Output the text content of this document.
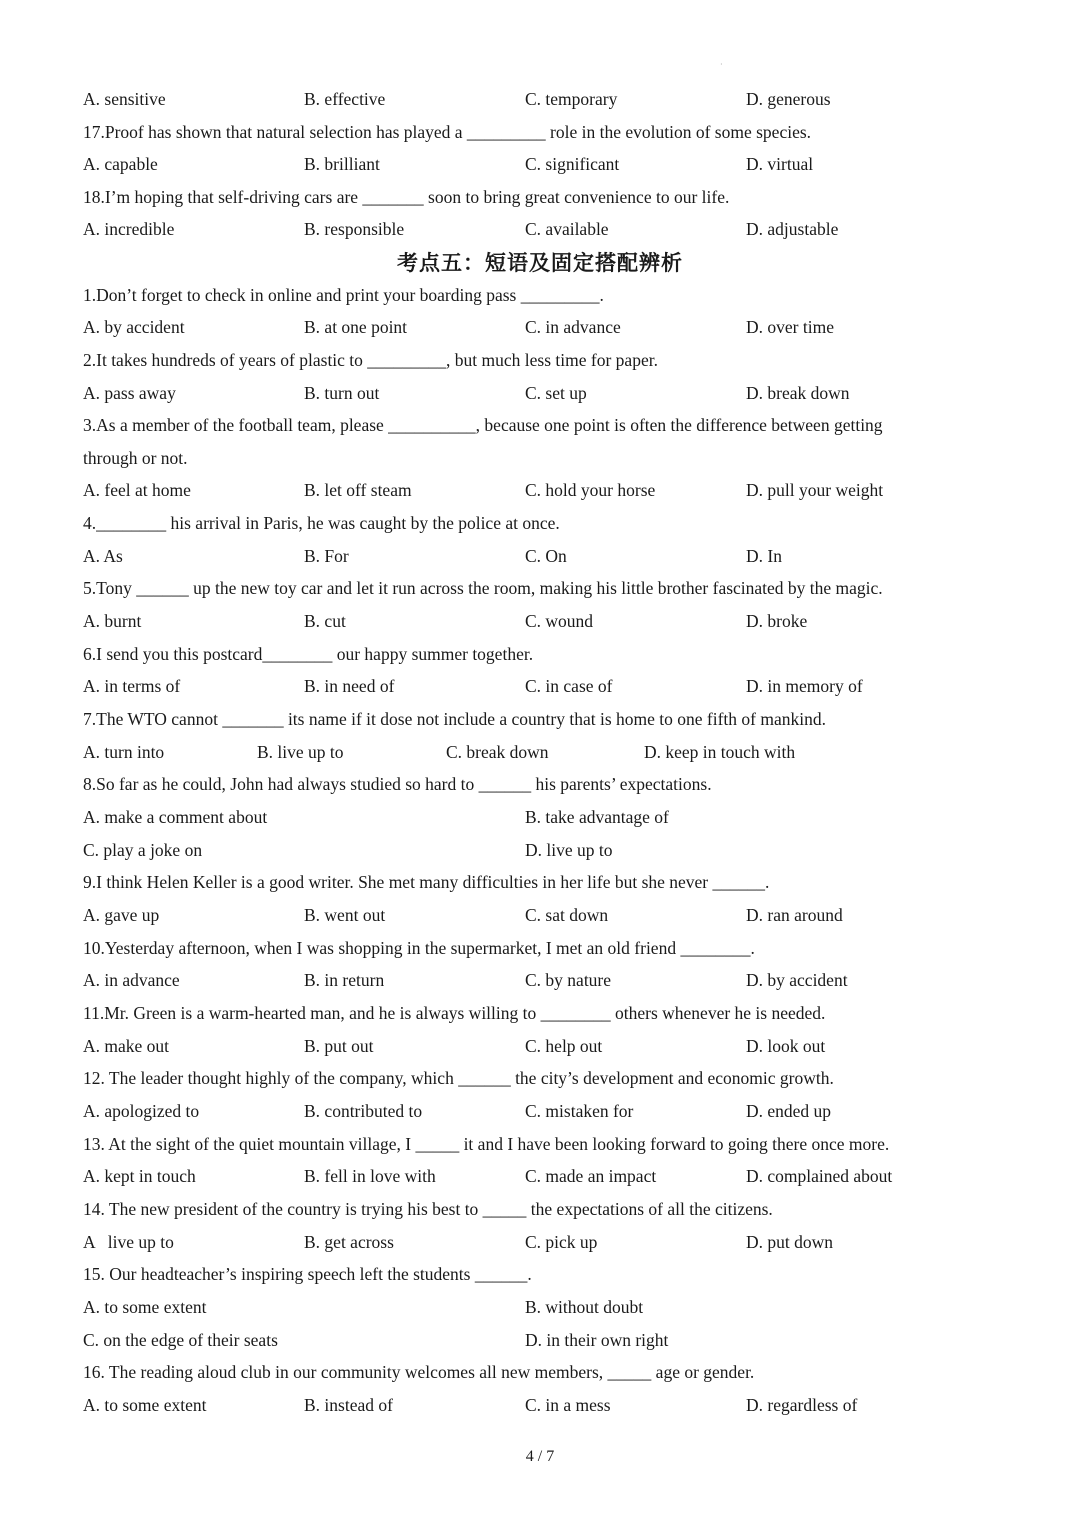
·
A. sensitive	B. effective	C. temporary	D. generous
17.Proof has shown that natural selection has played a _________ role in the evolution of some species.
A. capable	B. brilliant	C. significant	D. virtual
18.I’m hoping that self-driving cars are _______ soon to bring great convenience to our life.
A. incredible	B. responsible	C. available	D. adjustable
考点五：短语及固定搭配辨析
1.Don’t forget to check in online and print your boarding pass _________.
A. by accident	B. at one point	C. in advance	D. over time
2.It takes hundreds of years of plastic to _________, but much less time for paper.
A. pass away	B. turn out	C. set up	D. break down
3.As a member of the football team, please __________, because one point is often the difference between getting
through or not.
A. feel at home	B. let off steam	C. hold your horse	D. pull your weight
4.________ his arrival in Paris, he was caught by the police at once.
A. As	B. For	C. On	D. In
5.Tony ______ up the new toy car and let it run across the room, making his little brother fascinated by the magic.
A. burnt	B. cut	C. wound	D. broke
6.I send you this postcard________ our happy summer together.
A. in terms of	B. in need of	C. in case of	D. in memory of
7.The WTO cannot _______ its name if it dose not include a country that is home to one fifth of mankind.
A. turn into	B. live up to	C. break down	D. keep in touch with
8.So far as he could, John had always studied so hard to ______ his parents’ expectations.
A. make a comment about	B. take advantage of
C. play a joke on	D. live up to
9.I think Helen Keller is a good writer. She met many difficulties in her life but she never ______.
A. gave up	B. went out	C. sat down	D. ran around
10.Yesterday afternoon, when I was shopping in the supermarket, I met an old friend ________.
A. in advance	B. in return	C. by nature	D. by accident
11.Mr. Green is a warm-hearted man, and he is always willing to ________ others whenever he is needed.
A. make out	B. put out	C. help out	D. look out
12. The leader thought highly of the company, which ______ the city’s development and economic growth.
A. apologized to	B. contributed to	C. mistaken for	D. ended up
13. At the sight of the quiet mountain village, I _____ it and I have been looking forward to going there once more.
A. kept in touch	B. fell in love with	C. made an impact	D. complained about
14. The new president of the country is trying his best to _____ the expectations of all the citizens.
A   live up to	B. get across	C. pick up	D. put down
15. Our headteacher’s inspiring speech left the students ______.
A. to some extent	B. without doubt
C. on the edge of their seats	D. in their own right
16. The reading aloud club in our community welcomes all new members, _____ age or gender.
A. to some extent	B. instead of	C. in a mess	D. regardless of
4 / 7
